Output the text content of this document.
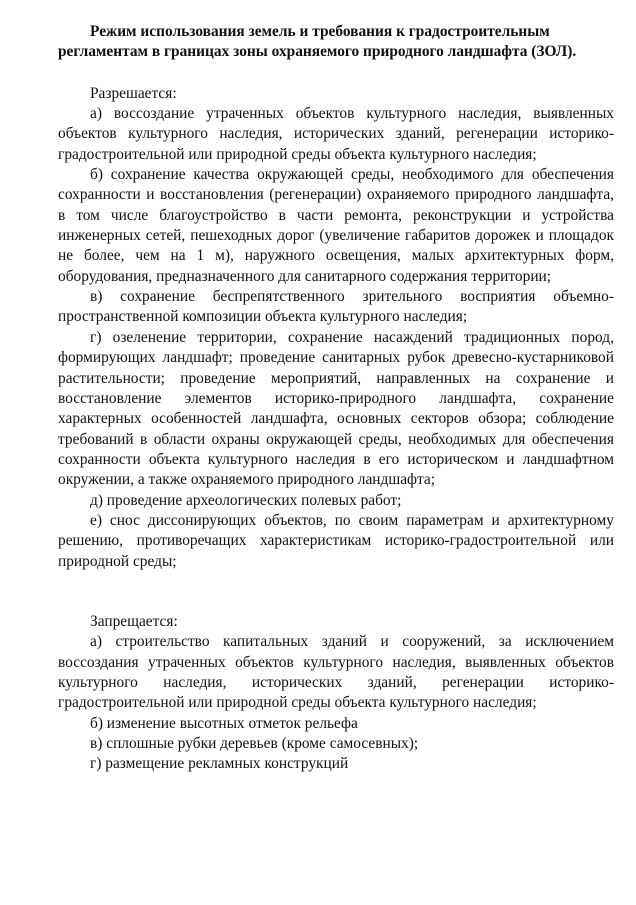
Режим использования земель и требования к градостроительным
регламентам в границах зоны охраняемого природного ландшафта (ЗОЛ).

Разрешается:

а) воссоздание утраченных объектов культурного наследия, выявленных объектов культурного наследия, исторических зданий, регенерации историко-градостроительной или природной среды объекта культурного наследия;

б) сохранение качества окружающей среды, необходимого для обеспечения сохранности и восстановления (регенерации) охраняемого природного ландшафта, в том числе благоустройство в части ремонта, реконструкции и устройства инженерных сетей, пешеходных дорог (увеличение габаритов дорожек и площадок не более, чем на 1 м), наружного освещения, малых архитектурных форм, оборудования, предназначенного для санитарного содержания территории;

в) сохранение беспрепятственного зрительного восприятия объемно-пространственной композиции объекта культурного наследия;

г) озеленение территории, сохранение насаждений традиционных пород, формирующих ландшафт; проведение санитарных рубок древесно-кустарниковой растительности; проведение мероприятий, направленных на сохранение и восстановление элементов историко-природного ландшафта, сохранение характерных особенностей ландшафта, основных секторов обзора; соблюдение требований в области охраны окружающей среды, необходимых для обеспечения сохранности объекта культурного наследия в его историческом и ландшафтном окружении, а также охраняемого природного ландшафта;

д) проведение археологических полевых работ;

е) снос диссонирующих объектов, по своим параметрам и архитектурному решению, противоречащих характеристикам историко-градостроительной или природной среды;

Запрещается:

а) строительство капитальных зданий и сооружений, за исключением воссоздания утраченных объектов культурного наследия, выявленных объектов культурного наследия, исторических зданий, регенерации историко-градостроительной или природной среды объекта культурного наследия;

б) изменение высотных отметок рельефа

в) сплошные рубки деревьев (кроме самосевных);

г) размещение рекламных конструкций
